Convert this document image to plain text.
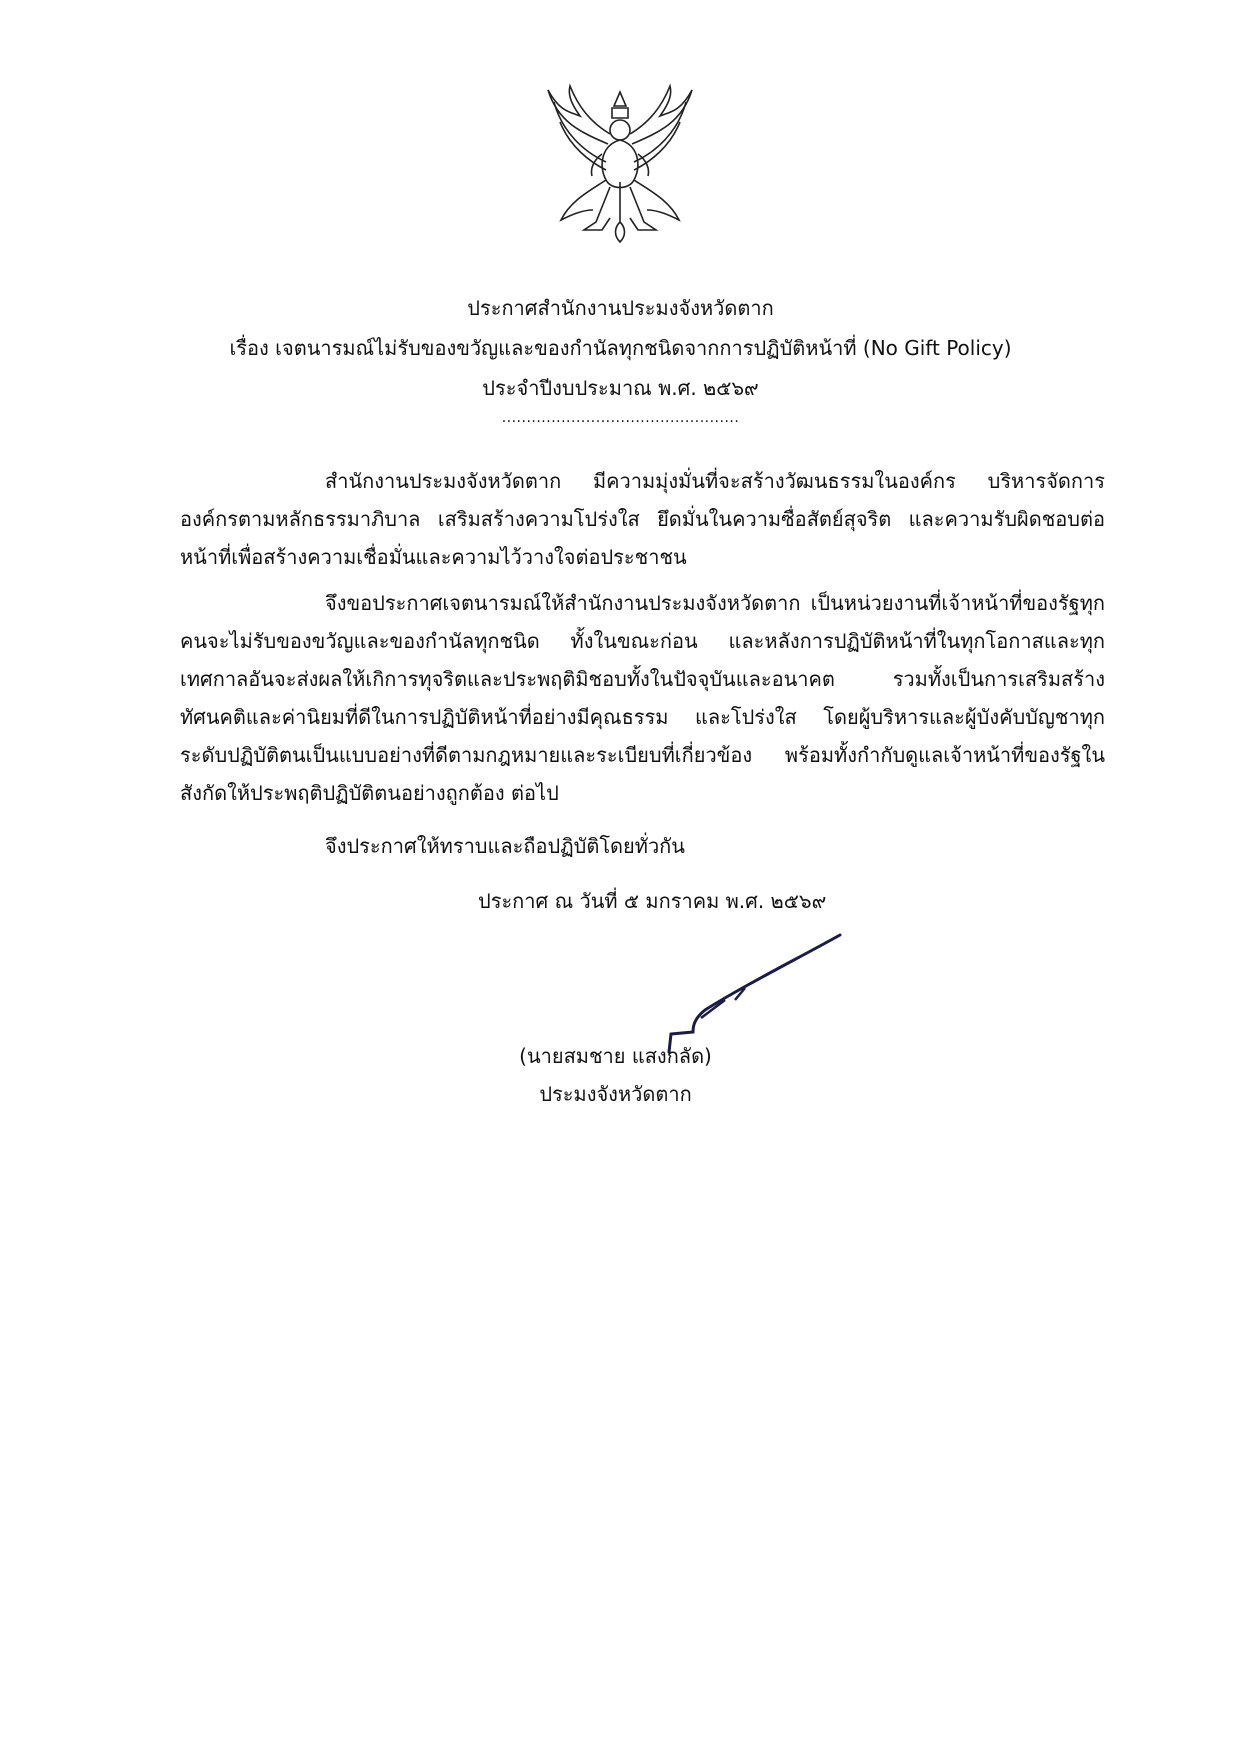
ประกาศสำนักงานประมงจังหวัดตาก
เรื่อง เจตนารมณ์ไม่รับของขวัญและของกำนัลทุกชนิดจากการปฏิบัติหน้าที่ (No Gift Policy)
ประจำปีงบประมาณ พ.ศ. ๒๕๖๙
................................................

สำนักงานประมงจังหวัดตาก มีความมุ่งมั่นที่จะสร้างวัฒนธรรมในองค์กร บริหารจัดการองค์กรตามหลักธรรมาภิบาล เสริมสร้างความโปร่งใส ยึดมั่นในความซื่อสัตย์สุจริต และความรับผิดชอบต่อหน้าที่เพื่อสร้างความเชื่อมั่นและความไว้วางใจต่อประชาชน

จึงขอประกาศเจตนารมณ์ให้สำนักงานประมงจังหวัดตาก เป็นหน่วยงานที่เจ้าหน้าที่ของรัฐทุกคนจะไม่รับของขวัญและของกำนัลทุกชนิด ทั้งในขณะก่อน และหลังการปฏิบัติหน้าที่ในทุกโอกาสและทุกเทศกาลอันจะส่งผลให้เกิการทุจริตและประพฤติมิชอบทั้งในปัจจุบันและอนาคต รวมทั้งเป็นการเสริมสร้างทัศนคติและค่านิยมที่ดีในการปฏิบัติหน้าที่อย่างมีคุณธรรม และโปร่งใส โดยผู้บริหารและผู้บังคับบัญชาทุกระดับปฏิบัติตนเป็นแบบอย่างที่ดีตามกฎหมายและระเบียบที่เกี่ยวข้อง พร้อมทั้งกำกับดูแลเจ้าหน้าที่ของรัฐในสังกัดให้ประพฤติปฏิบัติตนอย่างถูกต้อง ต่อไป

จึงประกาศให้ทราบและถือปฏิบัติโดยทั่วกัน
ประกาศ ณ วันที่ ๕ มกราคม พ.ศ. ๒๕๖๙
(นายสมชาย แสงกลัด)
ประมงจังหวัดตาก
